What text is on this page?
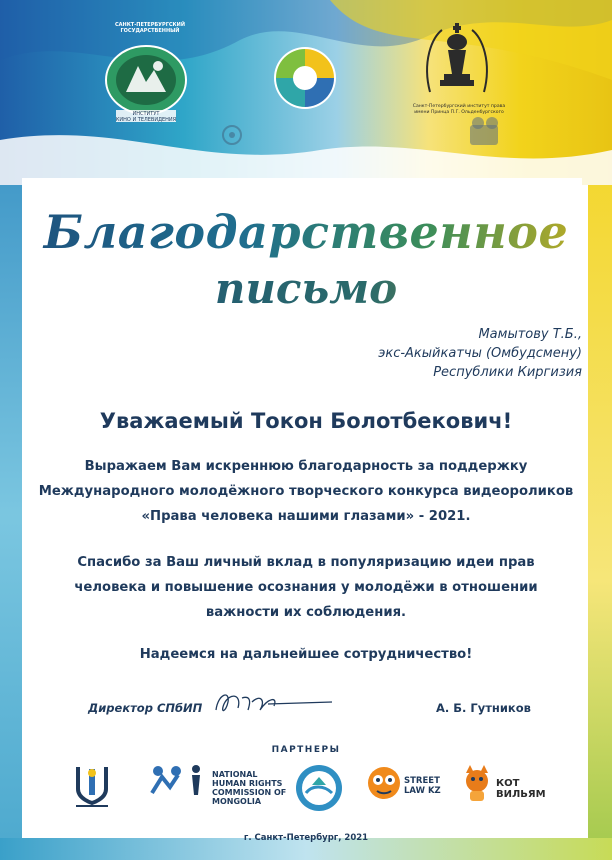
ИНСТИТУТ
КИНО И ТЕЛЕВИДЕНИЯ
САНКТ-ПЕТЕРБУРГСКИЙ ГОСУДАРСТВЕННЫЙ
Санкт-Петербургский институт права
имени Принца П.Г. Ольденбургского
Благодарственное
письмо
Мамытову Т.Б.,
экс-Акыйкатчы (Омбудсмену)
Республики Киргизия
Уважаемый Токон Болотбекович!
Выражаем Вам искреннюю благодарность за поддержку
Международного молодёжного творческого конкурса видеороликов
«Права человека нашими глазами» - 2021.
Спасибо за Ваш личный вклад в популяризацию идеи прав
человека и повышение осознания у молодёжи в отношении
важности их соблюдения.
Надеемся на дальнейшее сотрудничество!
Директор СПбИП	А. Б. Гутников
ПАРТНЕРЫ
NATIONAL
HUMAN RIGHTS
COMMISSION OF
MONGOLIA
STREET
LAW KZ
КОТ
ВИЛЬЯМ
г. Санкт-Петербург, 2021
